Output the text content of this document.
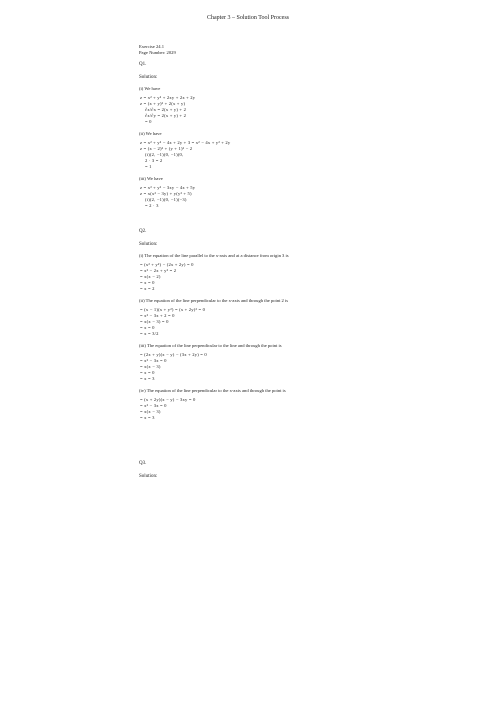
Chapter 3 – Solution Tool Process

Exercise 24.1

Page Number: 2029

Q1.

Solution:

(i) We have

z = x² + y² + 2xy + 2x + 2y

z = (x + y)² + 2(x + y)

∂z/∂x = 2(x + y) + 2

∂z/∂y = 2(x + y) + 2

= 0

(ii) We have

z = x² + y² − 4x + 2y + 3 = x² − 4x + y² + 2y

z = (x − 2)² + (y + 1)² − 2

(i)(2, −1)(0, −1)(0,

2 · 3 = 2

= 1

(iii) We have

z = x³ + y³ − 3xy − 4x + 5y

z = x(x² − 3y) + y(y² + 5)

(i)(2, −1)(0, −1)(−3)

= 2 · 3

Q2.

Solution:

(i) The equation of the line parallel to the x-axis and at a distance from origin 3 is

= (x² + y²) − (2x + 2y) = 0

= x² − 2x + y² = 2

= x(x − 2)

= x = 0

= x = 2

(ii) The equation of the line perpendicular to the x-axis and through the point 2 is

= (x − 1)(x + y²) = (x + 2y)² = 0

= x² − 3x + 2 = 0

= x(x − 3) = 0

= x = 0

= x = 3/2

(iii) The equation of the line perpendicular to the line and through the point is

= (2x + y)(x − y) − (3x + 2y) = 0

= x² − 3x = 0

= x(x − 3)

= x = 0

= x = 3

(iv) The equation of the line perpendicular to the x-axis and through the point is

= (x + 2y)(x − y) − 3xy = 0

= x² − 3x = 0

= x(x − 3)

= x = 3

Q3.

Solution:
